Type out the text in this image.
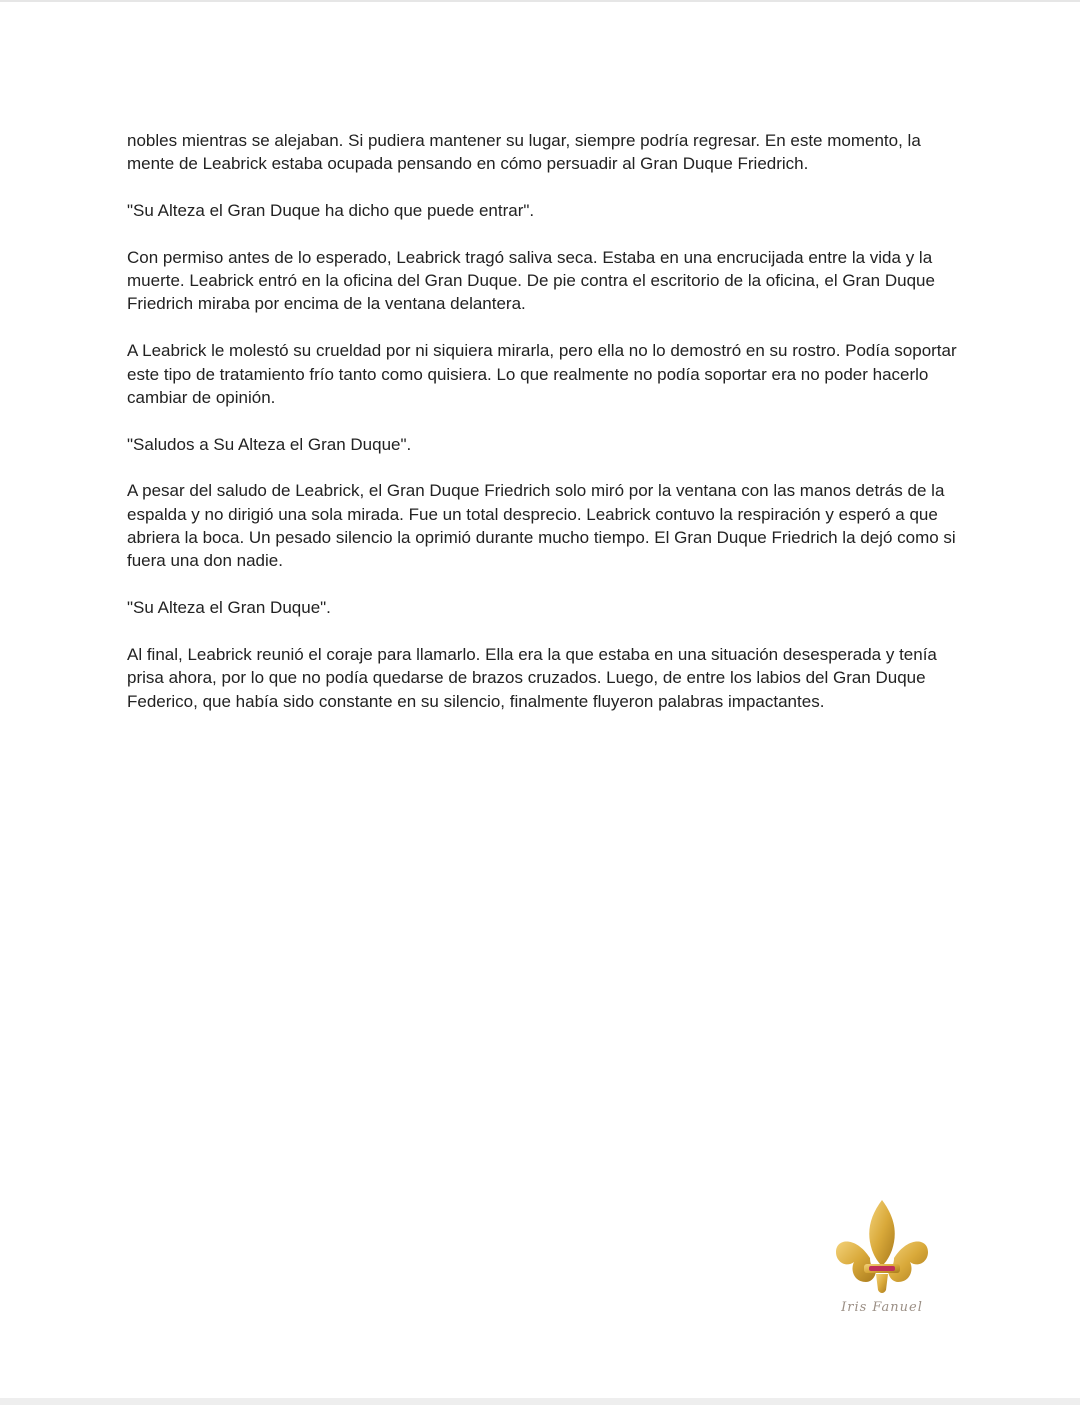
nobles mientras se alejaban. Si pudiera mantener su lugar, siempre podría regresar. En este momento, la mente de Leabrick estaba ocupada pensando en cómo persuadir al Gran Duque Friedrich.

"Su Alteza el Gran Duque ha dicho que puede entrar".

Con permiso antes de lo esperado, Leabrick tragó saliva seca. Estaba en una encrucijada entre la vida y la muerte. Leabrick entró en la oficina del Gran Duque. De pie contra el escritorio de la oficina, el Gran Duque Friedrich miraba por encima de la ventana delantera.

A Leabrick le molestó su crueldad por ni siquiera mirarla, pero ella no lo demostró en su rostro. Podía soportar este tipo de tratamiento frío tanto como quisiera. Lo que realmente no podía soportar era no poder hacerlo cambiar de opinión.

"Saludos a Su Alteza el Gran Duque".

A pesar del saludo de Leabrick, el Gran Duque Friedrich solo miró por la ventana con las manos detrás de la espalda y no dirigió una sola mirada. Fue un total desprecio. Leabrick contuvo la respiración y esperó a que abriera la boca. Un pesado silencio la oprimió durante mucho tiempo. El Gran Duque Friedrich la dejó como si fuera una don nadie.

"Su Alteza el Gran Duque".

Al final, Leabrick reunió el coraje para llamarlo. Ella era la que estaba en una situación desesperada y tenía prisa ahora, por lo que no podía quedarse de brazos cruzados. Luego, de entre los labios del Gran Duque Federico, que había sido constante en su silencio, finalmente fluyeron palabras impactantes.

Iris Fanuel
